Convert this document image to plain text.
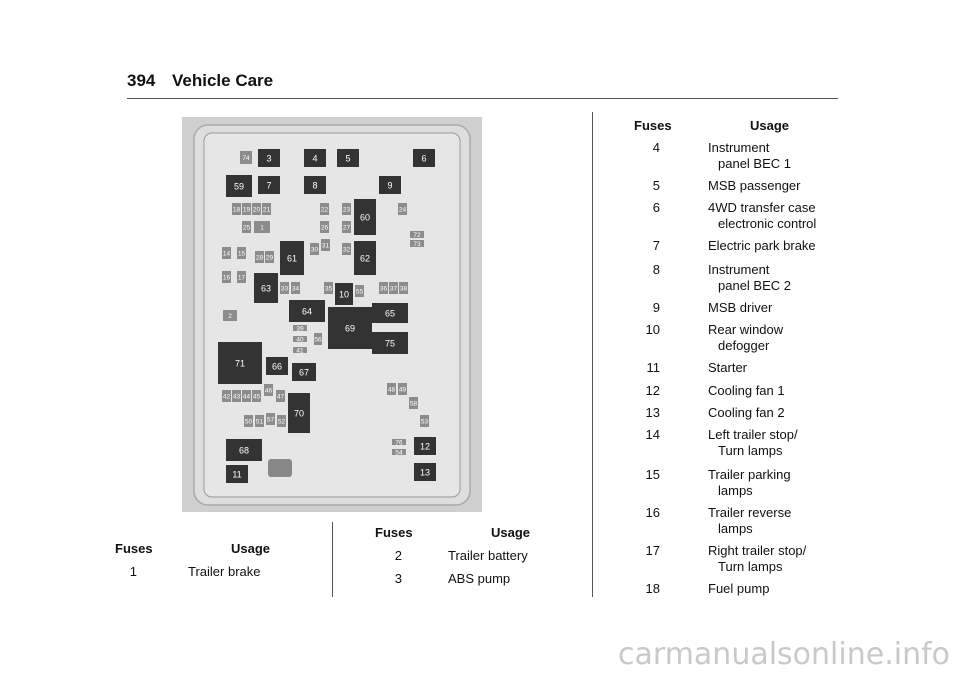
394 Vehicle Care
74 3	4	5	6
59 7	8	9
18 19 20 21	22 23
60
24
25 1	26 27
72
73
14 15
28 29 61
30
31
32
62
16 17
63 33 34	35
10 55	36 37 38
64	65
2
39
40
69
56
41
75
71	66
67
46	48 49
42 43 44 45	47
58
70
50 51 57 52	53
76
54
12
68
11	13
Fuses	Usage
1	Trailer brake
Fuses	Usage
2	Trailer battery
3	ABS pump
Fuses	Usage
4	Instrument
panel BEC 1
5	MSB passenger
6	4WD transfer case
electronic control
7	Electric park brake
8	Instrument
panel BEC 2
9	MSB driver
10	Rear window
defogger
11	Starter
12	Cooling fan 1
13	Cooling fan 2
14	Left trailer stop/
Turn lamps
15	Trailer parking
lamps
16	Trailer reverse
lamps
17	Right trailer stop/
Turn lamps
18	Fuel pump
carmanualsonline.info
